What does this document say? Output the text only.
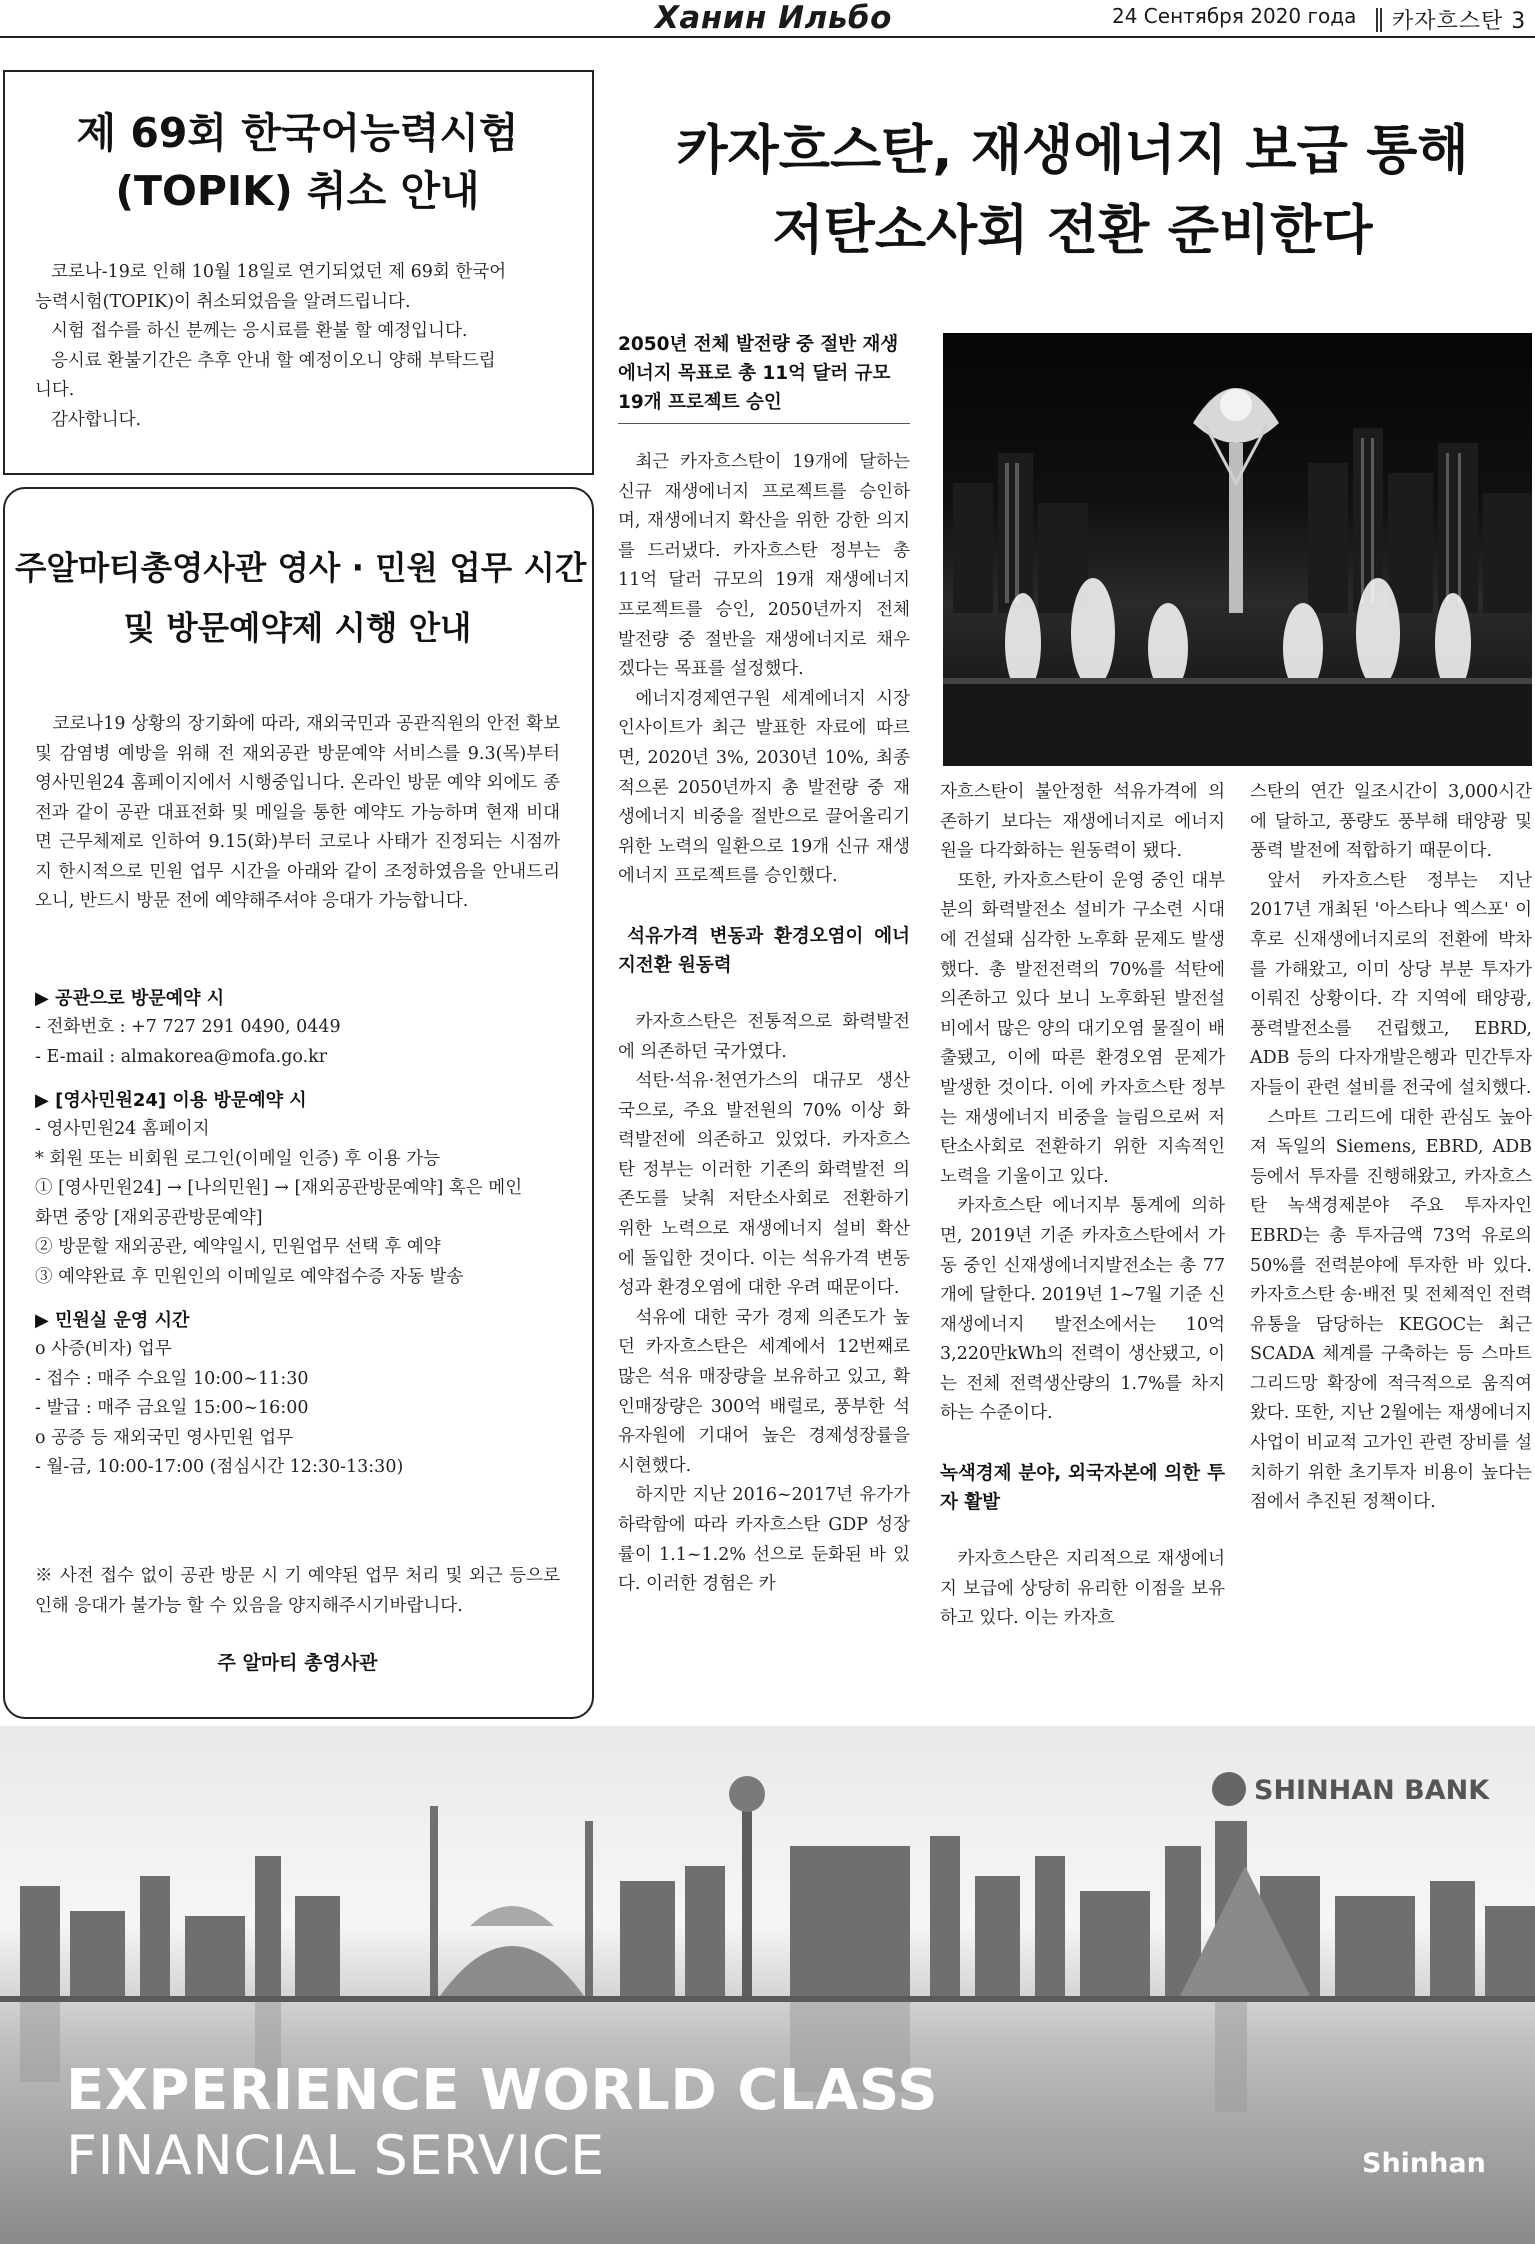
Ханин Ильбо	24 Сентября 2020 года 카자흐스탄 3
제 69회 한국어능력시험
(TOPIK) 취소 안내
코로나-19로 인해 10월 18일로 연기되었던 제 69회 한국어
능력시험(TOPIK)이 취소되었음을 알려드립니다.
시험 접수를 하신 분께는 응시료를 환불 할 예정입니다.
응시료 환불기간은 추후 안내 할 예정이오니 양해 부탁드립
니다.
감사합니다.
주알마티총영사관 영사 · 민원 업무 시간
및 방문예약제 시행 안내

코로나19 상황의 장기화에 따라, 재외국민과 공관직원의 안전 확보 및 감염병 예방을 위해 전 재외공관 방문예약 서비스를 9.3(목)부터 영사민원24 홈페이지에서 시행중입니다. 온라인 방문 예약 외에도 종전과 같이 공관 대표전화 및 메일을 통한 예약도 가능하며 현재 비대면 근무체제로 인하여 9.15(화)부터 코로나 사태가 진정되는 시점까지 한시적으로 민원 업무 시간을 아래와 같이 조정하였음을 안내드리오니, 반드시 방문 전에 예약해주셔야 응대가 가능합니다.

▶ 공관으로 방문예약 시
- 전화번호 : +7 727 291 0490, 0449
- E-mail : almakorea@mofa.go.kr
▶ [영사민원24] 이용 방문예약 시
- 영사민원24 홈페이지
* 회원 또는 비회원 로그인(이메일 인증) 후 이용 가능
① [영사민원24] → [나의민원] → [재외공관방문예약] 혹은 메인
화면 중앙 [재외공관방문예약]
② 방문할 재외공관, 예약일시, 민원업무 선택 후 예약
③ 예약완료 후 민원인의 이메일로 예약접수증 자동 발송
▶ 민원실 운영 시간
o 사증(비자) 업무
- 접수 : 매주 수요일 10:00~11:30
- 발급 : 매주 금요일 15:00~16:00
o 공증 등 재외국민 영사민원 업무
- 월-금, 10:00-17:00 (점심시간 12:30-13:30)
※ 사전 접수 없이 공관 방문 시 기 예약된 업무 처리 및 외근 등으로 인해 응대가 불가능 할 수 있음을 양지해주시기바랍니다.
주 알마티 총영사관
카자흐스탄, 재생에너지 보급 통해
저탄소사회 전환 준비한다
2050년 전체 발전량 중 절반 재생에너지 목표로 총 11억 달러 규모 19개 프로젝트 승인

최근 카자흐스탄이 19개에 달하는 신규 재생에너지 프로젝트를 승인하며, 재생에너지 확산을 위한 강한 의지를 드러냈다. 카자흐스탄 정부는 총 11억 달러 규모의 19개 재생에너지 프로젝트를 승인, 2050년까지 전체 발전량 중 절반을 재생에너지로 채우겠다는 목표를 설정했다.

에너지경제연구원 세계에너지 시장 인사이트가 최근 발표한 자료에 따르면, 2020년 3%, 2030년 10%, 최종적으론 2050년까지 총 발전량 중 재생에너지 비중을 절반으로 끌어올리기 위한 노력의 일환으로 19개 신규 재생에너지 프로젝트를 승인했다.

석유가격 변동과 환경오염이 에너지전환 원동력

카자흐스탄은 전통적으로 화력발전에 의존하던 국가였다.

석탄·석유·천연가스의 대규모 생산국으로, 주요 발전원의 70% 이상 화력발전에 의존하고 있었다. 카자흐스탄 정부는 이러한 기존의 화력발전 의존도를 낮춰 저탄소사회로 전환하기 위한 노력으로 재생에너지 설비 확산에 돌입한 것이다. 이는 석유가격 변동성과 환경오염에 대한 우려 때문이다.

석유에 대한 국가 경제 의존도가 높던 카자흐스탄은 세계에서 12번째로 많은 석유 매장량을 보유하고 있고, 확인매장량은 300억 배럴로, 풍부한 석유자원에 기대어 높은 경제성장률을 시현했다.

하지만 지난 2016~2017년 유가가 하락함에 따라 카자흐스탄 GDP 성장률이 1.1~1.2% 선으로 둔화된 바 있다. 이러한 경험은 카

자흐스탄이 불안정한 석유가격에 의존하기 보다는 재생에너지로 에너지원을 다각화하는 원동력이 됐다.

또한, 카자흐스탄이 운영 중인 대부분의 화력발전소 설비가 구소련 시대에 건설돼 심각한 노후화 문제도 발생했다. 총 발전전력의 70%를 석탄에 의존하고 있다 보니 노후화된 발전설비에서 많은 양의 대기오염 물질이 배출됐고, 이에 따른 환경오염 문제가 발생한 것이다. 이에 카자흐스탄 정부는 재생에너지 비중을 늘림으로써 저탄소사회로 전환하기 위한 지속적인 노력을 기울이고 있다.

카자흐스탄 에너지부 통계에 의하면, 2019년 기준 카자흐스탄에서 가동 중인 신재생에너지발전소는 총 77개에 달한다. 2019년 1~7월 기준 신재생에너지 발전소에서는 10억3,220만kWh의 전력이 생산됐고, 이는 전체 전력생산량의 1.7%를 차지하는 수준이다.

녹색경제 분야, 외국자본에 의한 투자 활발

카자흐스탄은 지리적으로 재생에너지 보급에 상당히 유리한 이점을 보유하고 있다. 이는 카자흐

스탄의 연간 일조시간이 3,000시간에 달하고, 풍량도 풍부해 태양광 및 풍력 발전에 적합하기 때문이다.

앞서 카자흐스탄 정부는 지난 2017년 개최된 '아스타나 엑스포' 이후로 신재생에너지로의 전환에 박차를 가해왔고, 이미 상당 부분 투자가 이뤄진 상황이다. 각 지역에 태양광, 풍력발전소를 건립했고, EBRD, ADB 등의 다자개발은행과 민간투자자들이 관련 설비를 전국에 설치했다.

스마트 그리드에 대한 관심도 높아져 독일의 Siemens, EBRD, ADB 등에서 투자를 진행해왔고, 카자흐스탄 녹색경제분야 주요 투자자인 EBRD는 총 투자금액 73억 유로의 50%를 전력분야에 투자한 바 있다. 카자흐스탄 송·배전 및 전체적인 전력 유통을 담당하는 KEGOC는 최근 SCADA 체계를 구축하는 등 스마트 그리드망 확장에 적극적으로 움직여왔다. 또한, 지난 2월에는 재생에너지 사업이 비교적 고가인 관련 장비를 설치하기 위한 초기투자 비용이 높다는 점에서 추진된 정책이다.

SHINHAN BANK
EXPERIENCE WORLD CLASS
FINANCIAL SERVICE	Shinhan
